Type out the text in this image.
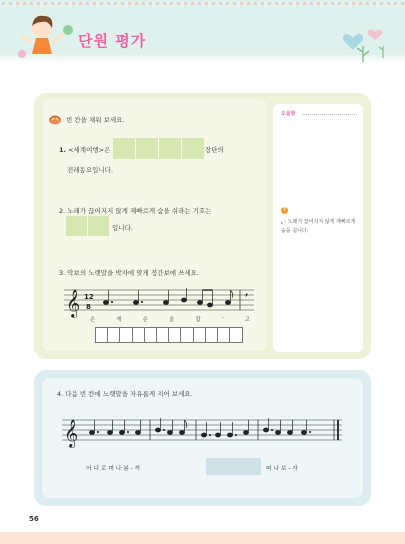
단원 평가
도움말
?
, : 노래가 끊어지지 않게 재빠르게 숨을 쉽니다.
빈 칸을 채워 보세요.
1. <세계여행>은	장단의
전래동요입니다.
2. 노래가 끊어지지 않게 재빠르게 숨을 쉬라는 기호는
입니다.
3. 악보의 노랫말을 박자에 맞게 정간보에 쓰세요.
𝄞 12
8
,
손	에	손	을	잡	-	고
4. 다음 빈 칸에 노랫말을 자유롭게 지어 보세요.
𝄞
어 디 로 며 나 봄 - 까	떠 나 보 - 자
56
